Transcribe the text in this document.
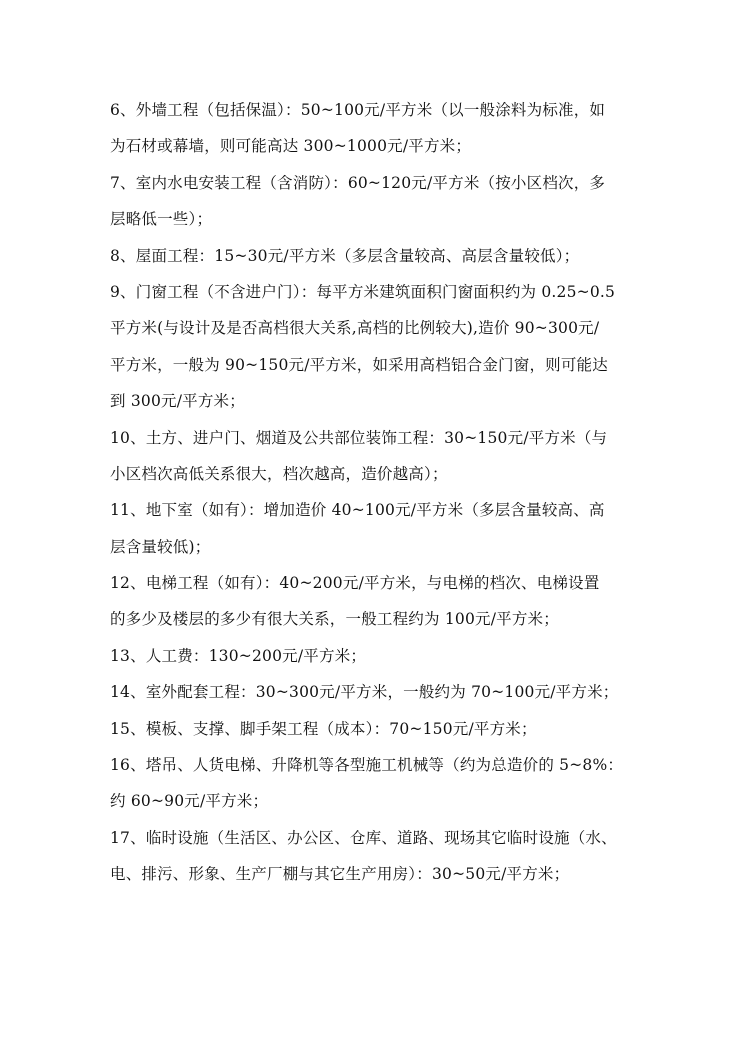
6、外墙工程（包括保温）：50~100元/平方米（以一般涂料为标准，如
为石材或幕墙，则可能高达 300~1000元/平方米；
7、室内水电安装工程（含消防）：60~120元/平方米（按小区档次，多
层略低一些）；
8、屋面工程：15~30元/平方米（多层含量较高、高层含量较低）；
9、门窗工程（不含进户门）：每平方米建筑面积门窗面积约为 0.25~0.5
平方米(与设计及是否高档很大关系,高档的比例较大),造价 90~300元/
平方米，一般为 90~150元/平方米，如采用高档铝合金门窗，则可能达
到 300元/平方米；
10、土方、进户门、烟道及公共部位装饰工程：30~150元/平方米（与
小区档次高低关系很大，档次越高，造价越高）；
11、地下室（如有）：增加造价 40~100元/平方米（多层含量较高、高
层含量较低)；
12、电梯工程（如有）：40~200元/平方米，与电梯的档次、电梯设置
的多少及楼层的多少有很大关系，一般工程约为 100元/平方米；
13、人工费：130~200元/平方米；
14、室外配套工程：30~300元/平方米，一般约为 70~100元/平方米；
15、模板、支撑、脚手架工程（成本）：70~150元/平方米；
16、塔吊、人货电梯、升降机等各型施工机械等（约为总造价的 5~8%：
约 60~90元/平方米；
17、临时设施（生活区、办公区、仓库、道路、现场其它临时设施（水、
电、排污、形象、生产厂棚与其它生产用房）：30~50元/平方米；
